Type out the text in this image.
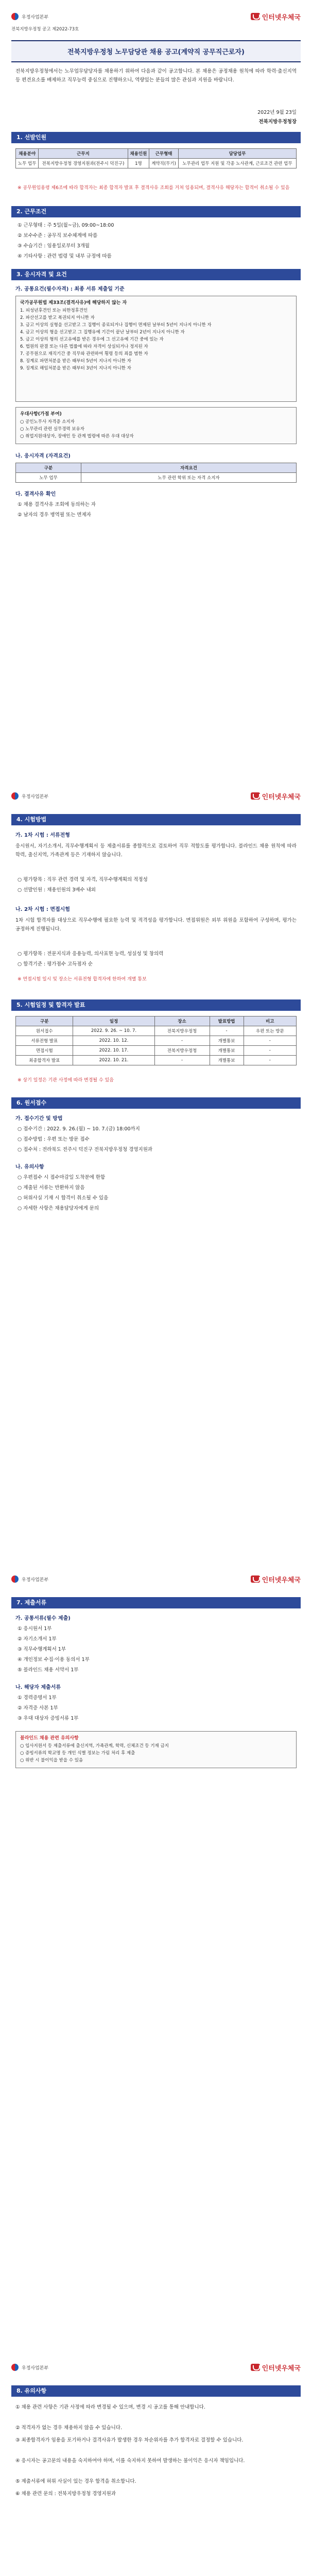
우정사업본부	인터넷우체국
전북지방우정청 공고 제2022-73호
전북지방우정청 노무담당관 채용 공고(계약직 공무직근로자)
전북지방우정청에서는 노무업무담당자를 채용하기 위하여 다음과 같이 공고합니다. 본 채용은 공정채용 원칙에 따라 학력·출신지역 등 편견요소를 배제하고 직무능력 중심으로 진행하오니, 역량있는 분들의 많은 관심과 지원을 바랍니다.
2022년 9월 23일
전북지방우정청장
1. 선발인원
채용분야	근무지	채용인원	근무형태	담당업무
노무 업무	전북지방우정청 경영지원과(전주시 덕진구)	1명	계약직(무기)	노무관리 업무 지원 및 각종 노사관계, 근로조건 관련 업무
※ 공무원임용령 제6조에 따라 합격자는 최종 합격자 발표 후 결격사유 조회를 거쳐 임용되며, 결격사유 해당자는 합격이 취소될 수 있음
2. 근무조건
① 근무형태 : 주 5일(월~금), 09:00~18:00
② 보수수준 : 공무직 보수체계에 따름
③ 수습기간 : 임용일로부터 3개월
④ 기타사항 : 관련 법령 및 내부 규정에 따름
3. 응시자격 및 요건
가. 공통요건(필수자격) : 최종 서류 제출일 기준
국가공무원법 제33조(결격사유)에 해당하지 않는 자
1. 피성년후견인 또는 피한정후견인
2. 파산선고를 받고 복권되지 아니한 자
3. 금고 이상의 실형을 선고받고 그 집행이 종료되거나 집행이 면제된 날부터 5년이 지나지 아니한 자
4. 금고 이상의 형을 선고받고 그 집행유예 기간이 끝난 날부터 2년이 지나지 아니한 자
5. 금고 이상의 형의 선고유예를 받은 경우에 그 선고유예 기간 중에 있는 자
6. 법원의 판결 또는 다른 법률에 따라 자격이 상실되거나 정지된 자
7. 공무원으로 재직기간 중 직무와 관련하여 횡령 등의 죄를 범한 자
8. 징계로 파면처분을 받은 때부터 5년이 지나지 아니한 자
9. 징계로 해임처분을 받은 때부터 3년이 지나지 아니한 자
우대사항(가점 부여)
○ 공인노무사 자격증 소지자
○ 노무관리 관련 실무경력 보유자
○ 취업지원대상자, 장애인 등 관계 법령에 따른 우대 대상자
나. 응시자격 (자격요건)
구분	자격요건
노무 업무	노무 관련 학위 또는 자격 소지자
다. 결격사유 확인
① 채용 결격사유 조회에 동의하는 자
② 남자의 경우 병역필 또는 면제자
우정사업본부	인터넷우체국
4. 시험방법
가. 1차 시험 : 서류전형
응시원서, 자기소개서, 직무수행계획서 등 제출서류를 종합적으로 검토하여 직무 적합도를 평가합니다. 블라인드 채용 원칙에 따라 학력, 출신지역, 가족관계 등은 기재하지 않습니다.
○ 평가항목 : 직무 관련 경력 및 자격, 직무수행계획의 적정성
○ 선발인원 : 채용인원의 3배수 내외
나. 2차 시험 : 면접시험
1차 시험 합격자를 대상으로 직무수행에 필요한 능력 및 적격성을 평가합니다. 면접위원은 외부 위원을 포함하여 구성하며, 평가는 공정하게 진행됩니다.
○ 평가항목 : 전문지식과 응용능력, 의사표현 능력, 성실성 및 창의력
○ 합격기준 : 평가점수 고득점자 순
※ 면접시험 일시 및 장소는 서류전형 합격자에 한하여 개별 통보
5. 시험일정 및 합격자 발표
구분	일정	장소	발표방법	비고
원서접수	2022. 9. 26. ~ 10. 7.	전북지방우정청	-	우편 또는 방문
서류전형 발표	2022. 10. 12.	-	개별통보	-
면접시험	2022. 10. 17.	전북지방우정청	개별통보	-
최종합격자 발표	2022. 10. 21.	-	개별통보	-
※ 상기 일정은 기관 사정에 따라 변경될 수 있음
6. 원서접수
가. 접수기간 및 방법
○ 접수기간 : 2022. 9. 26.(월) ~ 10. 7.(금) 18:00까지
○ 접수방법 : 우편 또는 방문 접수
○ 접수처 : 전라북도 전주시 덕진구 전북지방우정청 경영지원과
나. 유의사항
○ 우편접수 시 접수마감일 도착분에 한함
○ 제출된 서류는 반환하지 않음
○ 허위사실 기재 시 합격이 취소될 수 있음
○ 자세한 사항은 채용담당자에게 문의
우정사업본부	인터넷우체국
7. 제출서류
가. 공통서류(필수 제출)
① 응시원서 1부
② 자기소개서 1부
③ 직무수행계획서 1부
④ 개인정보 수집·이용 동의서 1부
⑤ 블라인드 채용 서약서 1부
나. 해당자 제출서류
① 경력증명서 1부
② 자격증 사본 1부
③ 우대 대상자 증빙서류 1부
블라인드 채용 관련 유의사항
○ 입사지원서 등 제출서류에 출신지역, 가족관계, 학력, 신체조건 등 기재 금지
○ 증빙서류의 학교명 등 개인 식별 정보는 가림 처리 후 제출
○ 위반 시 불이익을 받을 수 있음
우정사업본부	인터넷우체국
8. 유의사항
① 채용 관련 사항은 기관 사정에 따라 변경될 수 있으며, 변경 시 공고를 통해 안내합니다.
② 적격자가 없는 경우 채용하지 않을 수 있습니다.
③ 최종합격자가 임용을 포기하거나 결격사유가 발생한 경우 차순위자를 추가 합격자로 결정할 수 있습니다.
④ 응시자는 공고문의 내용을 숙지하여야 하며, 이를 숙지하지 못하여 발생하는 불이익은 응시자 책임입니다.
⑤ 제출서류에 허위 사실이 있는 경우 합격을 취소합니다.
⑥ 채용 관련 문의 : 전북지방우정청 경영지원과
